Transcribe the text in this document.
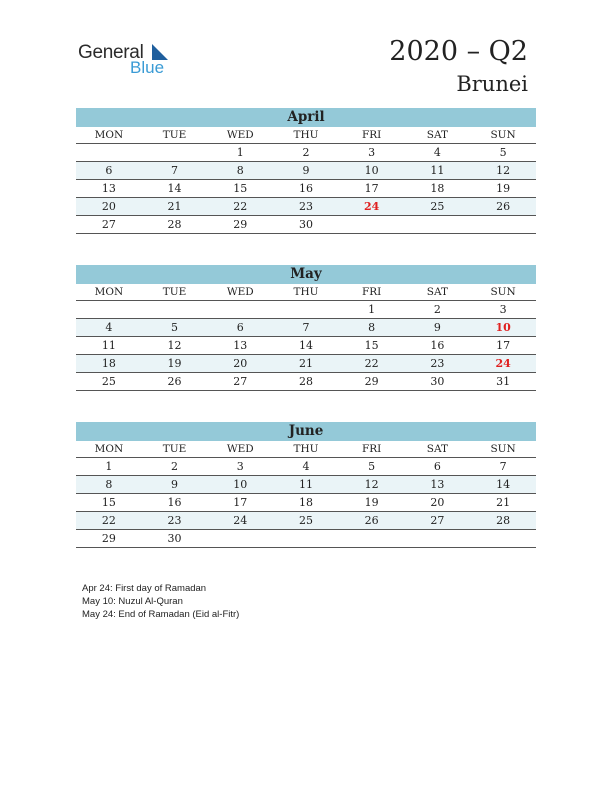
General
Blue
2020 – Q2
Brunei
April
MON	TUE	WED	THU	FRI	SAT	SUN
		1	2	3	4	5
6	7	8	9	10	11	12
13	14	15	16	17	18	19
20	21	22	23	24	25	26
27	28	29	30			
May
MON	TUE	WED	THU	FRI	SAT	SUN
				1	2	3
4	5	6	7	8	9	10
11	12	13	14	15	16	17
18	19	20	21	22	23	24
25	26	27	28	29	30	31
June
MON	TUE	WED	THU	FRI	SAT	SUN
1	2	3	4	5	6	7
8	9	10	11	12	13	14
15	16	17	18	19	20	21
22	23	24	25	26	27	28
29	30					
Apr 24: First day of Ramadan
May 10: Nuzul Al-Quran
May 24: End of Ramadan (Eid al-Fitr)
